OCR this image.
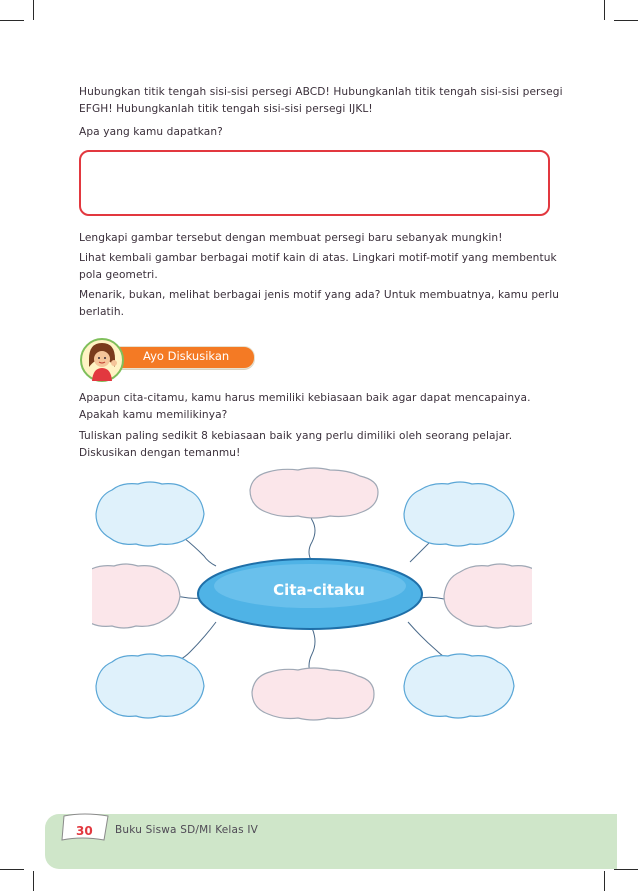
Hubungkan titik tengah sisi-sisi persegi ABCD! Hubungkanlah titik tengah sisi-sisi persegi EFGH! Hubungkanlah titik tengah sisi-sisi persegi IJKL!
Apa yang kamu dapatkan?
Lengkapi gambar tersebut dengan membuat persegi baru sebanyak mungkin!
Lihat kembali gambar berbagai motif kain di atas. Lingkari motif-motif yang membentuk pola geometri.
Menarik, bukan, melihat berbagai jenis motif yang ada? Untuk membuatnya, kamu perlu berlatih.
Ayo Diskusikan
Apapun cita-citamu, kamu harus memiliki kebiasaan baik agar dapat mencapainya. Apakah kamu memilikinya?
Tuliskan paling sedikit 8 kebiasaan baik yang perlu dimiliki oleh seorang pelajar. Diskusikan dengan temanmu!
Cita-citaku
30 Buku Siswa SD/MI Kelas IV
